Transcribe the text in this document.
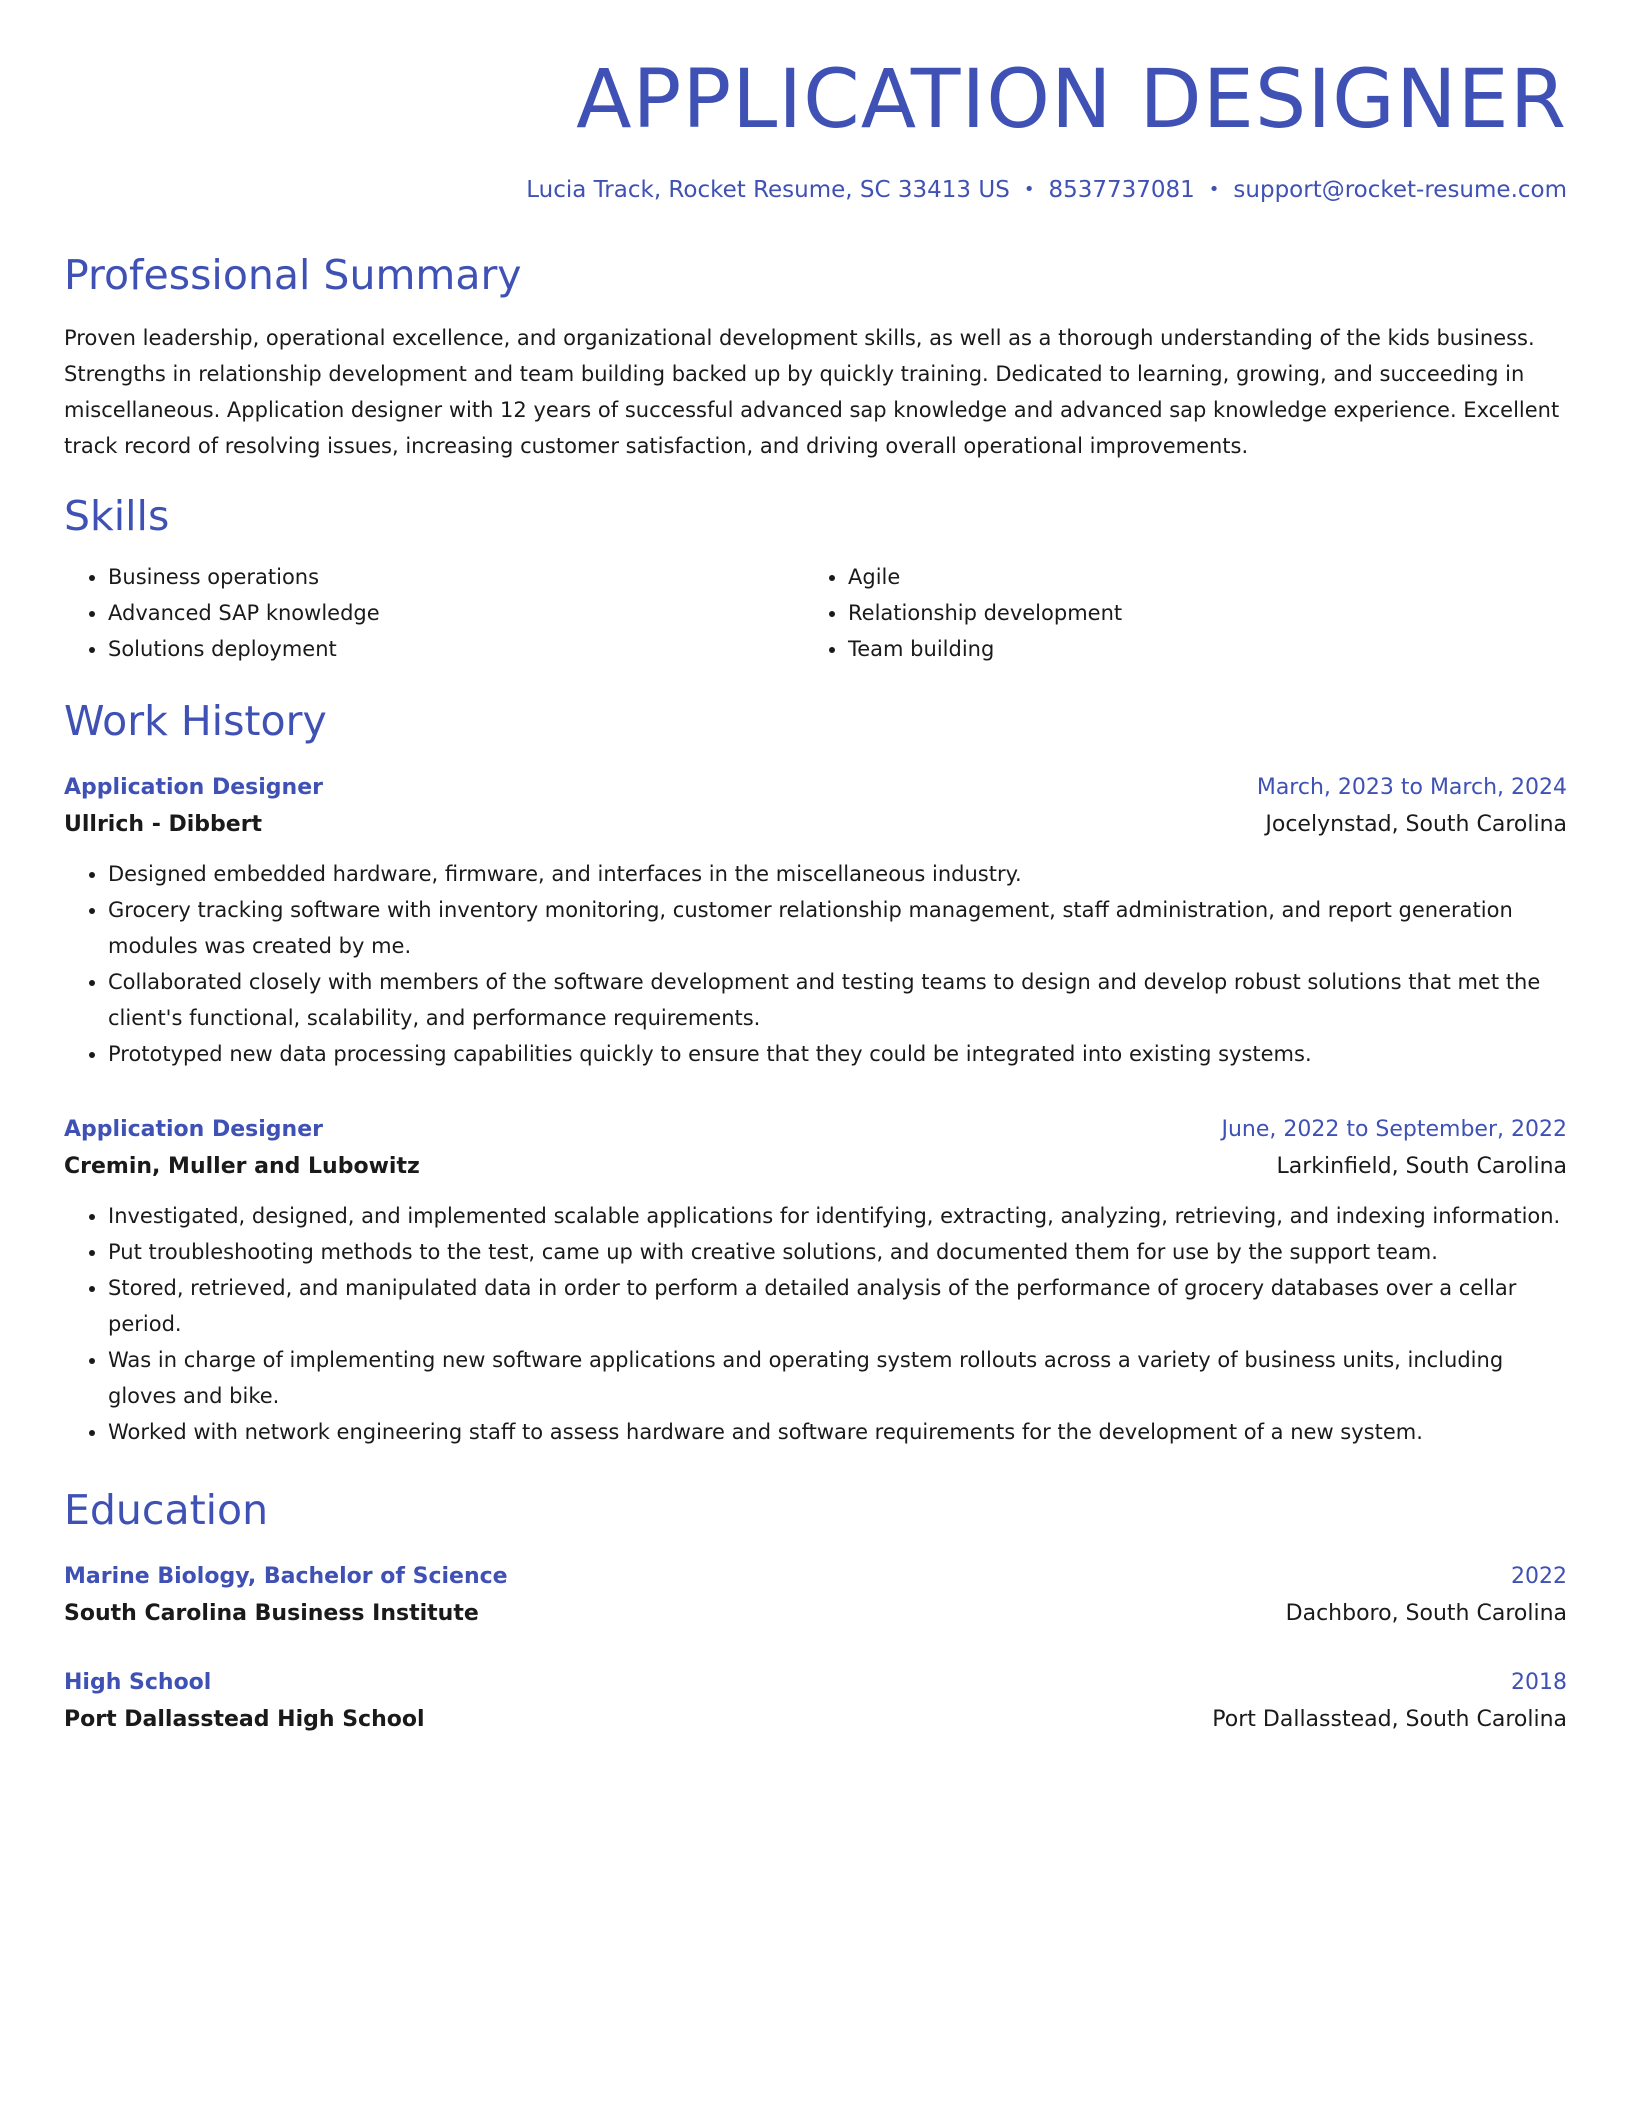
APPLICATION DESIGNER
Lucia Track, Rocket Resume, SC 33413 US • 8537737081 • support@rocket-resume.com
Professional Summary
Proven leadership, operational excellence, and organizational development skills, as well as a thorough understanding of the kids business. Strengths in relationship development and team building backed up by quickly training. Dedicated to learning, growing, and succeeding in miscellaneous. Application designer with 12 years of successful advanced sap knowledge and advanced sap knowledge experience. Excellent track record of resolving issues, increasing customer satisfaction, and driving overall operational improvements.
Skills
• Business operations
• Advanced SAP knowledge
• Solutions deployment
• Agile
• Relationship development
• Team building
Work History
Application Designer	March, 2023 to March, 2024
Ullrich - Dibbert	Jocelynstad, South Carolina
• Designed embedded hardware, firmware, and interfaces in the miscellaneous industry.
• Grocery tracking software with inventory monitoring, customer relationship management, staff administration, and report generation modules was created by me.
• Collaborated closely with members of the software development and testing teams to design and develop robust solutions that met the client's functional, scalability, and performance requirements.
• Prototyped new data processing capabilities quickly to ensure that they could be integrated into existing systems.
Application Designer	June, 2022 to September, 2022
Cremin, Muller and Lubowitz	Larkinfield, South Carolina
• Investigated, designed, and implemented scalable applications for identifying, extracting, analyzing, retrieving, and indexing information.
• Put troubleshooting methods to the test, came up with creative solutions, and documented them for use by the support team.
• Stored, retrieved, and manipulated data in order to perform a detailed analysis of the performance of grocery databases over a cellar period.
• Was in charge of implementing new software applications and operating system rollouts across a variety of business units, including gloves and bike.
• Worked with network engineering staff to assess hardware and software requirements for the development of a new system.
Education
Marine Biology, Bachelor of Science	2022
South Carolina Business Institute	Dachboro, South Carolina
High School	2018
Port Dallasstead High School	Port Dallasstead, South Carolina
